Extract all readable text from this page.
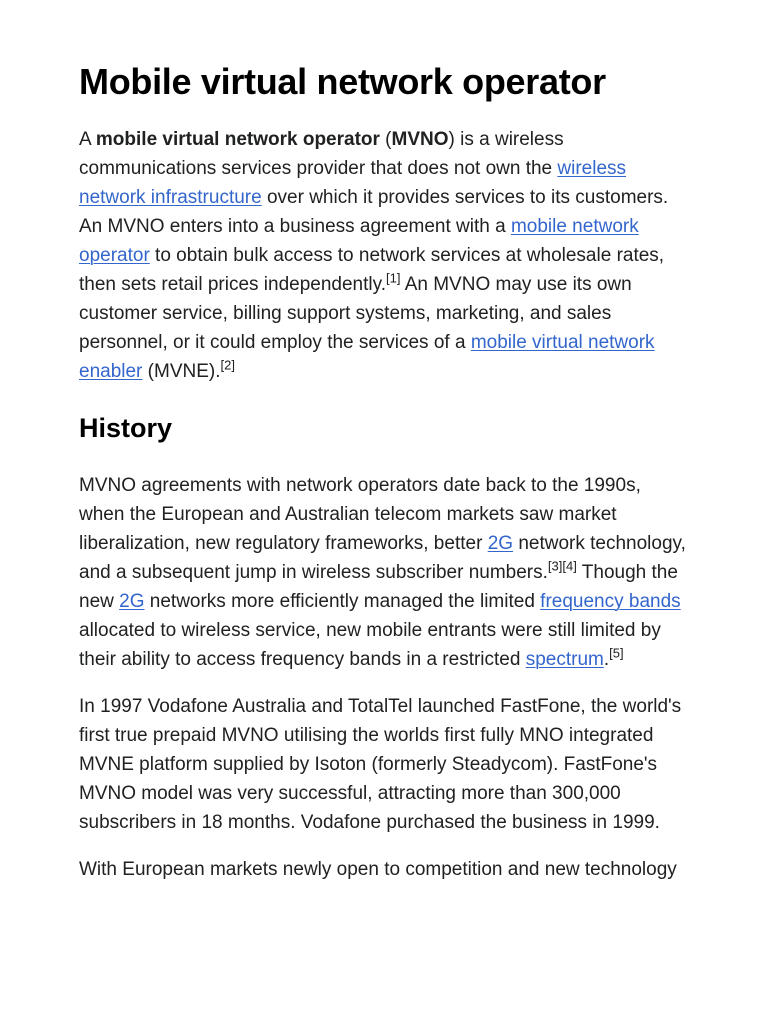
Mobile virtual network operator

A mobile virtual network operator (MVNO) is a wireless communications services provider that does not own the wireless network infrastructure over which it provides services to its customers. An MVNO enters into a business agreement with a mobile network operator to obtain bulk access to network services at wholesale rates, then sets retail prices independently.[1] An MVNO may use its own customer service, billing support systems, marketing, and sales personnel, or it could employ the services of a mobile virtual network enabler (MVNE).[2]

History

MVNO agreements with network operators date back to the 1990s, when the European and Australian telecom markets saw market liberalization, new regulatory frameworks, better 2G network technology, and a subsequent jump in wireless subscriber numbers.[3][4] Though the new 2G networks more efficiently managed the limited frequency bands allocated to wireless service, new mobile entrants were still limited by their ability to access frequency bands in a restricted spectrum.[5]

In 1997 Vodafone Australia and TotalTel launched FastFone, the world's first true prepaid MVNO utilising the worlds first fully MNO integrated MVNE platform supplied by Isoton (formerly Steadycom). FastFone's MVNO model was very successful, attracting more than 300,000 subscribers in 18 months. Vodafone purchased the business in 1999.

With European markets newly open to competition and new technology
